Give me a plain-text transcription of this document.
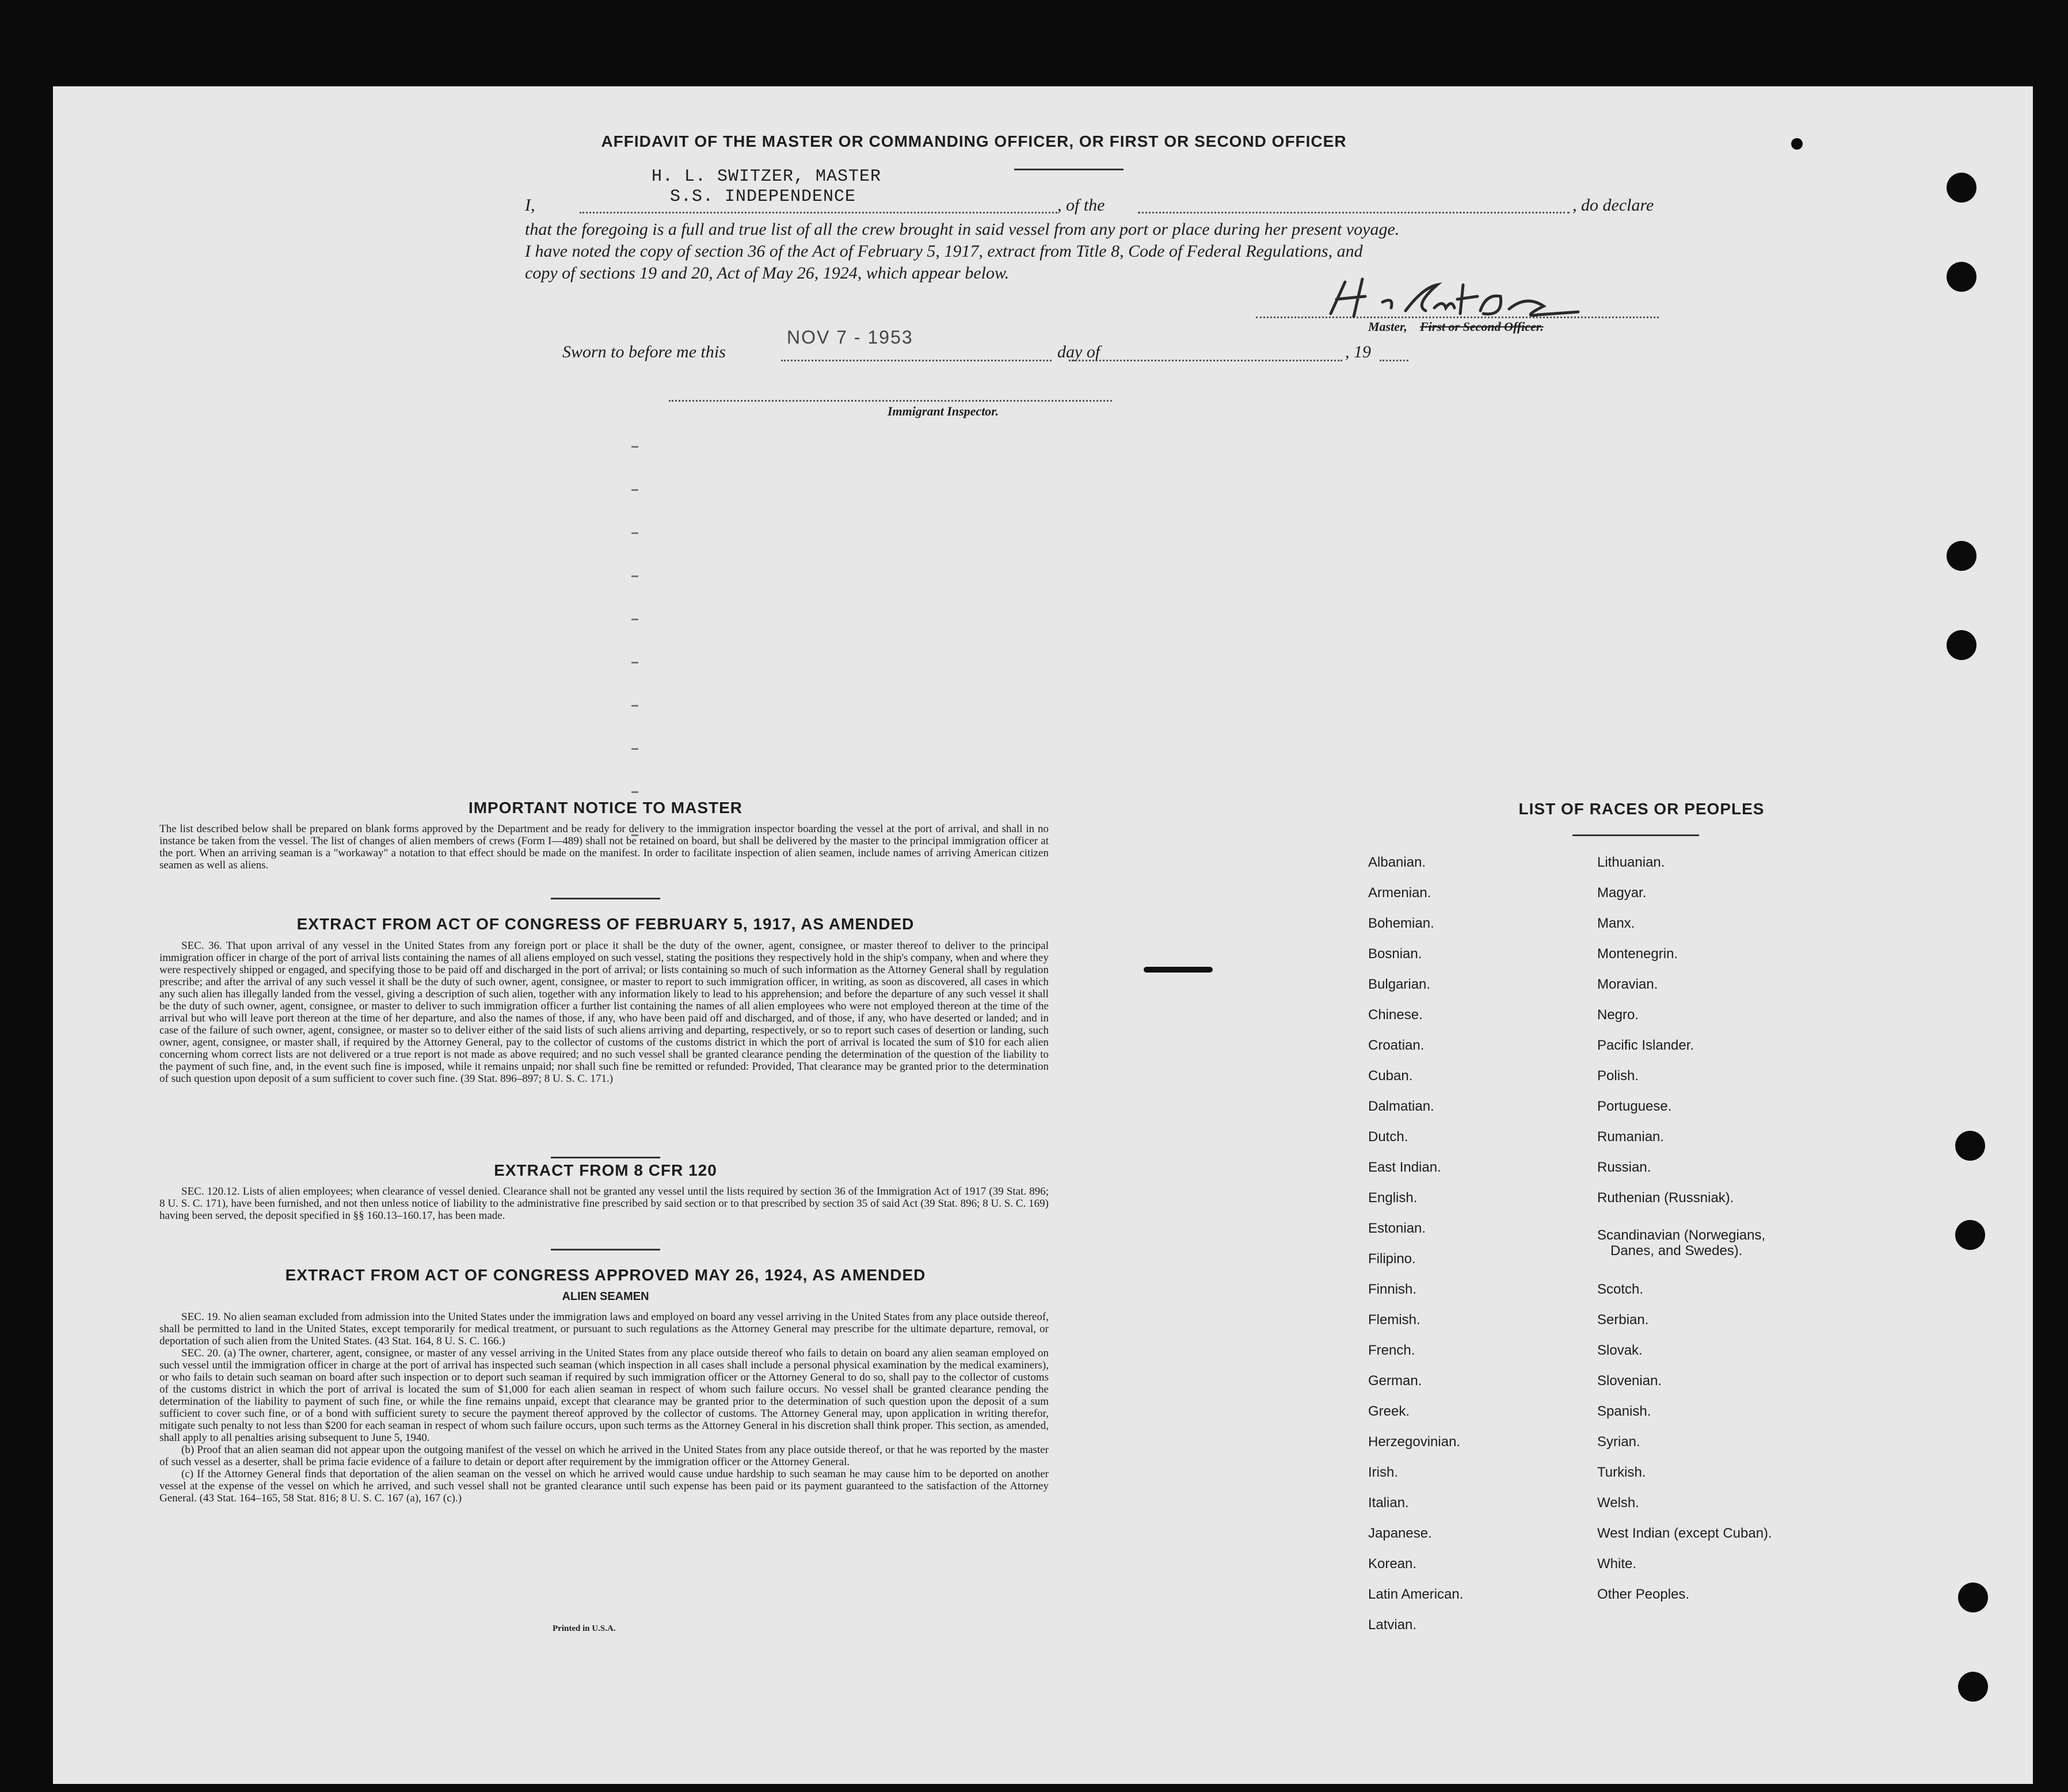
AFFIDAVIT OF THE MASTER OR COMMANDING OFFICER, OR FIRST OR SECOND OFFICER
H. L. SWITZER, MASTER
S.S. INDEPENDENCE
I,	, of the	, do declare
that the foregoing is a full and true list of all the crew brought in said vessel from any port or place during her present voyage.
I have noted the copy of section 36 of the Act of February 5, 1917, extract from Title 8, Code of Federal Regulations, and
copy of sections 19 and 20, Act of May 26, 1924, which appear below.
Master, First or Second Officer.
Sworn to before me this
NOV 7 - 1953
day of	, 19
Immigrant Inspector.
IMPORTANT NOTICE TO MASTER
The list described below shall be prepared on blank forms approved by the Department and be ready for delivery to the immigration inspector boarding the vessel at the port of arrival, and shall in no instance be taken from the vessel. The list of changes of alien members of crews (Form I—489) shall not be retained on board, but shall be delivered by the master to the principal immigration officer at the port. When an arriving seaman is a "workaway" a notation to that effect should be made on the manifest. In order to facilitate inspection of alien seamen, include names of arriving American citizen seamen as well as aliens.
EXTRACT FROM ACT OF CONGRESS OF FEBRUARY 5, 1917, AS AMENDED
SEC. 36. That upon arrival of any vessel in the United States from any foreign port or place it shall be the duty of the owner, agent, consignee, or master thereof to deliver to the principal immigration officer in charge of the port of arrival lists containing the names of all aliens employed on such vessel, stating the positions they respectively hold in the ship's company, when and where they were respectively shipped or engaged, and specifying those to be paid off and discharged in the port of arrival; or lists containing so much of such information as the Attorney General shall by regulation prescribe; and after the arrival of any such vessel it shall be the duty of such owner, agent, consignee, or master to report to such immigration officer, in writing, as soon as discovered, all cases in which any such alien has illegally landed from the vessel, giving a description of such alien, together with any information likely to lead to his apprehension; and before the departure of any such vessel it shall be the duty of such owner, agent, consignee, or master to deliver to such immigration officer a further list containing the names of all alien employees who were not employed thereon at the time of the arrival but who will leave port thereon at the time of her departure, and also the names of those, if any, who have been paid off and discharged, and of those, if any, who have deserted or landed; and in case of the failure of such owner, agent, consignee, or master so to deliver either of the said lists of such aliens arriving and departing, respectively, or so to report such cases of desertion or landing, such owner, agent, consignee, or master shall, if required by the Attorney General, pay to the collector of customs of the customs district in which the port of arrival is located the sum of $10 for each alien concerning whom correct lists are not delivered or a true report is not made as above required; and no such vessel shall be granted clearance pending the determination of the question of the liability to the payment of such fine, and, in the event such fine is imposed, while it remains unpaid; nor shall such fine be remitted or refunded: Provided, That clearance may be granted prior to the determination of such question upon deposit of a sum sufficient to cover such fine. (39 Stat. 896–897; 8 U. S. C. 171.)
EXTRACT FROM 8 CFR 120
SEC. 120.12. Lists of alien employees; when clearance of vessel denied. Clearance shall not be granted any vessel until the lists required by section 36 of the Immigration Act of 1917 (39 Stat. 896; 8 U. S. C. 171), have been furnished, and not then unless notice of liability to the administrative fine prescribed by said section or to that prescribed by section 35 of said Act (39 Stat. 896; 8 U. S. C. 169) having been served, the deposit specified in §§ 160.13–160.17, has been made.
EXTRACT FROM ACT OF CONGRESS APPROVED MAY 26, 1924, AS AMENDED
ALIEN SEAMEN
SEC. 19. No alien seaman excluded from admission into the United States under the immigration laws and employed on board any vessel arriving in the United States from any place outside thereof, shall be permitted to land in the United States, except temporarily for medical treatment, or pursuant to such regulations as the Attorney General may prescribe for the ultimate departure, removal, or deportation of such alien from the United States. (43 Stat. 164, 8 U. S. C. 166.)
SEC. 20. (a) The owner, charterer, agent, consignee, or master of any vessel arriving in the United States from any place outside thereof who fails to detain on board any alien seaman employed on such vessel until the immigration officer in charge at the port of arrival has inspected such seaman (which inspection in all cases shall include a personal physical examination by the medical examiners), or who fails to detain such seaman on board after such inspection or to deport such seaman if required by such immigration officer or the Attorney General to do so, shall pay to the collector of customs of the customs district in which the port of arrival is located the sum of $1,000 for each alien seaman in respect of whom such failure occurs. No vessel shall be granted clearance pending the determination of the liability to payment of such fine, or while the fine remains unpaid, except that clearance may be granted prior to the determination of such question upon the deposit of a sum sufficient to cover such fine, or of a bond with sufficient surety to secure the payment thereof approved by the collector of customs. The Attorney General may, upon application in writing therefor, mitigate such penalty to not less than $200 for each seaman in respect of whom such failure occurs, upon such terms as the Attorney General in his discretion shall think proper. This section, as amended, shall apply to all penalties arising subsequent to June 5, 1940.
(b) Proof that an alien seaman did not appear upon the outgoing manifest of the vessel on which he arrived in the United States from any place outside thereof, or that he was reported by the master of such vessel as a deserter, shall be prima facie evidence of a failure to detain or deport after requirement by the immigration officer or the Attorney General.
(c) If the Attorney General finds that deportation of the alien seaman on the vessel on which he arrived would cause undue hardship to such seaman he may cause him to be deported on another vessel at the expense of the vessel on which he arrived, and such vessel shall not be granted clearance until such expense has been paid or its payment guaranteed to the satisfaction of the Attorney General. (43 Stat. 164–165, 58 Stat. 816; 8 U. S. C. 167 (a), 167 (c).)
Printed in U.S.A.
LIST OF RACES OR PEOPLES
Albanian.
Armenian.
Bohemian.
Bosnian.
Bulgarian.
Chinese.
Croatian.
Cuban.
Dalmatian.
Dutch.
East Indian.
English.
Estonian.
Filipino.
Finnish.
Flemish.
French.
German.
Greek.
Herzegovinian.
Irish.
Italian.
Japanese.
Korean.
Latin American.
Latvian.
Lithuanian.
Magyar.
Manx.
Montenegrin.
Moravian.
Negro.
Pacific Islander.
Polish.
Portuguese.
Rumanian.
Russian.
Ruthenian (Russniak).
Scandinavian (Norwegians,
Danes, and Swedes).
Scotch.
Serbian.
Slovak.
Slovenian.
Spanish.
Syrian.
Turkish.
Welsh.
West Indian (except Cuban).
White.
Other Peoples.
